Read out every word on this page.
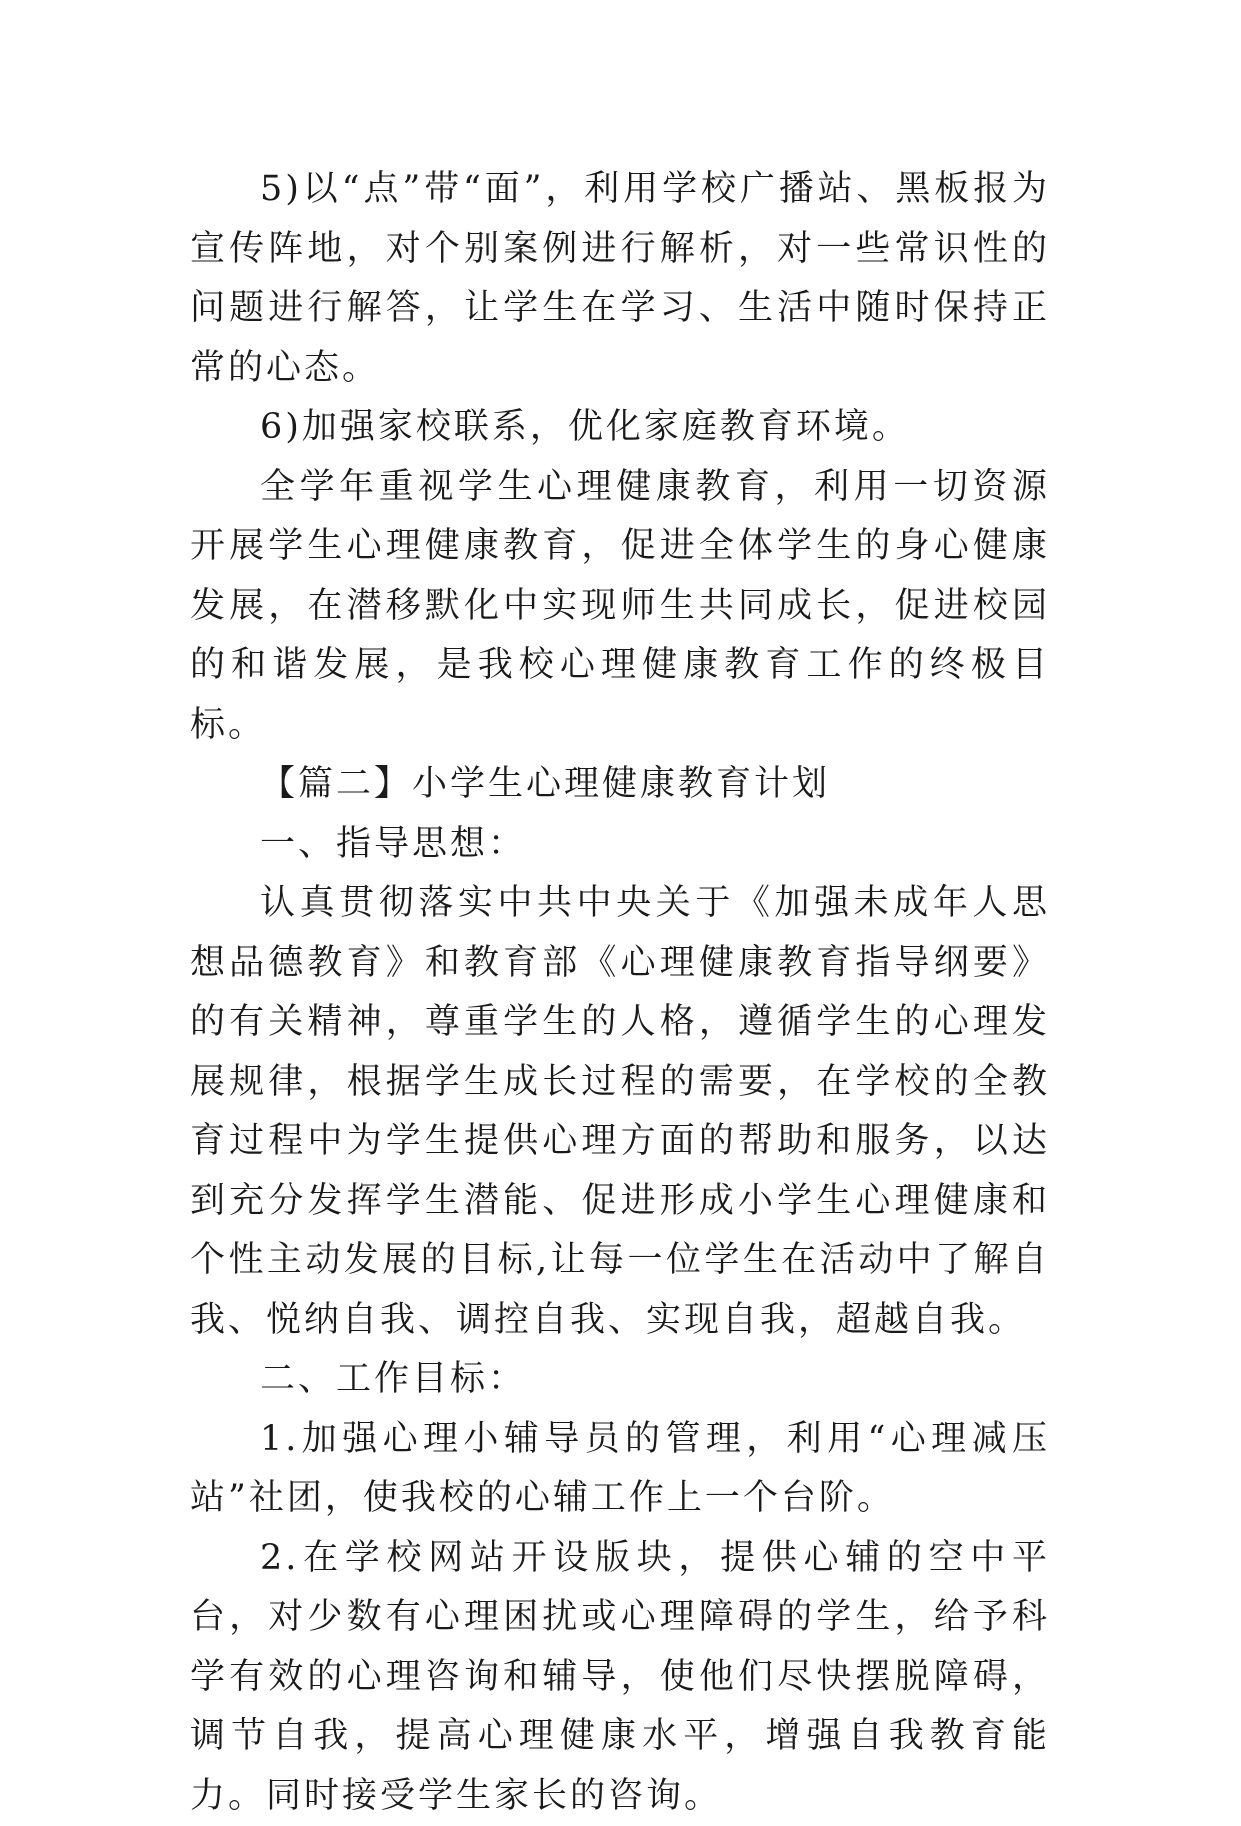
5)以“点”带“面”，利用学校广播站、黑板报为宣传阵地，对个别案例进行解析，对一些常识性的问题进行解答，让学生在学习、生活中随时保持正常的心态。

6)加强家校联系，优化家庭教育环境。

全学年重视学生心理健康教育，利用一切资源开展学生心理健康教育，促进全体学生的身心健康发展，在潜移默化中实现师生共同成长，促进校园的和谐发展，是我校心理健康教育工作的终极目标。

【篇二】小学生心理健康教育计划

一、指导思想：

认真贯彻落实中共中央关于《加强未成年人思想品德教育》和教育部《心理健康教育指导纲要》的有关精神，尊重学生的人格，遵循学生的心理发展规律，根据学生成长过程的需要，在学校的全教育过程中为学生提供心理方面的帮助和服务，以达到充分发挥学生潜能、促进形成小学生心理健康和个性主动发展的目标,让每一位学生在活动中了解自我、悦纳自我、调控自我、实现自我，超越自我。

二、工作目标：

1.加强心理小辅导员的管理，利用“心理减压站”社团，使我校的心辅工作上一个台阶。

2.在学校网站开设版块，提供心辅的空中平台，对少数有心理困扰或心理障碍的学生，给予科学有效的心理咨询和辅导，使他们尽快摆脱障碍，调节自我，提高心理健康水平，增强自我教育能力。同时接受学生家长的咨询。
